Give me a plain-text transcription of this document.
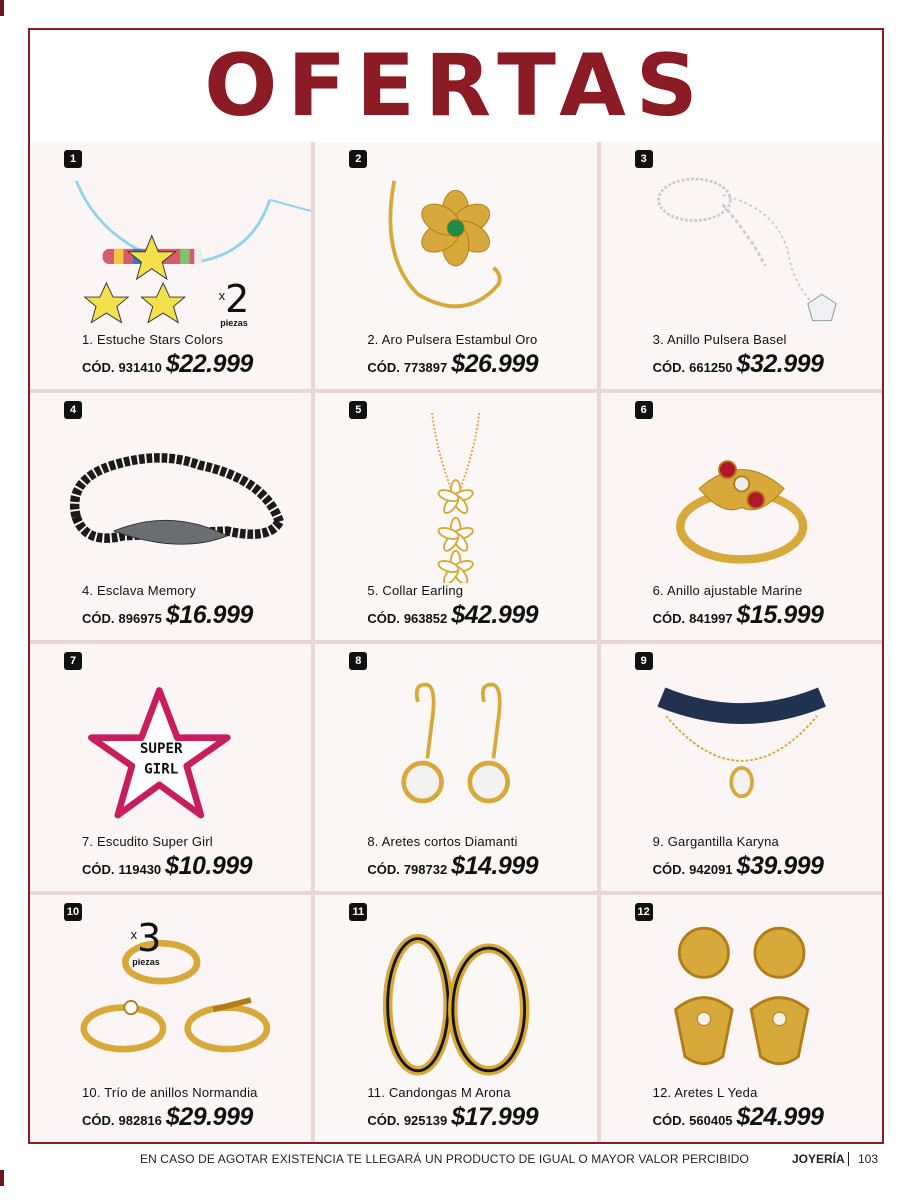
OFERTAS
1
$^x$2
piezas
1. Estuche Stars Colors
CÓD. 931410 $22.999
2
2. Aro Pulsera Estambul Oro
CÓD. 773897 $26.999
3
3. Anillo Pulsera Basel
CÓD. 661250 $32.999
4
4. Esclava Memory
CÓD. 896975 $16.999
5
5. Collar Earling
CÓD. 963852 $42.999
6
6. Anillo ajustable Marine
CÓD. 841997 $15.999
7
SUPER
GIRL
7. Escudito Super Girl
CÓD. 119430 $10.999
8
8. Aretes cortos Diamanti
CÓD. 798732 $14.999
9
9. Gargantilla Karyna
CÓD. 942091 $39.999
10
$^x$3
piezas
10. Trío de anillos Normandia
CÓD. 982816 $29.999
11
11. Candongas M Arona
CÓD. 925139 $17.999
12
12. Aretes L Yeda
CÓD. 560405 $24.999
EN CASO DE AGOTAR EXISTENCIA TE LLEGARÁ UN PRODUCTO DE IGUAL O MAYOR VALOR PERCIBIDO	JOYERÍA 103
